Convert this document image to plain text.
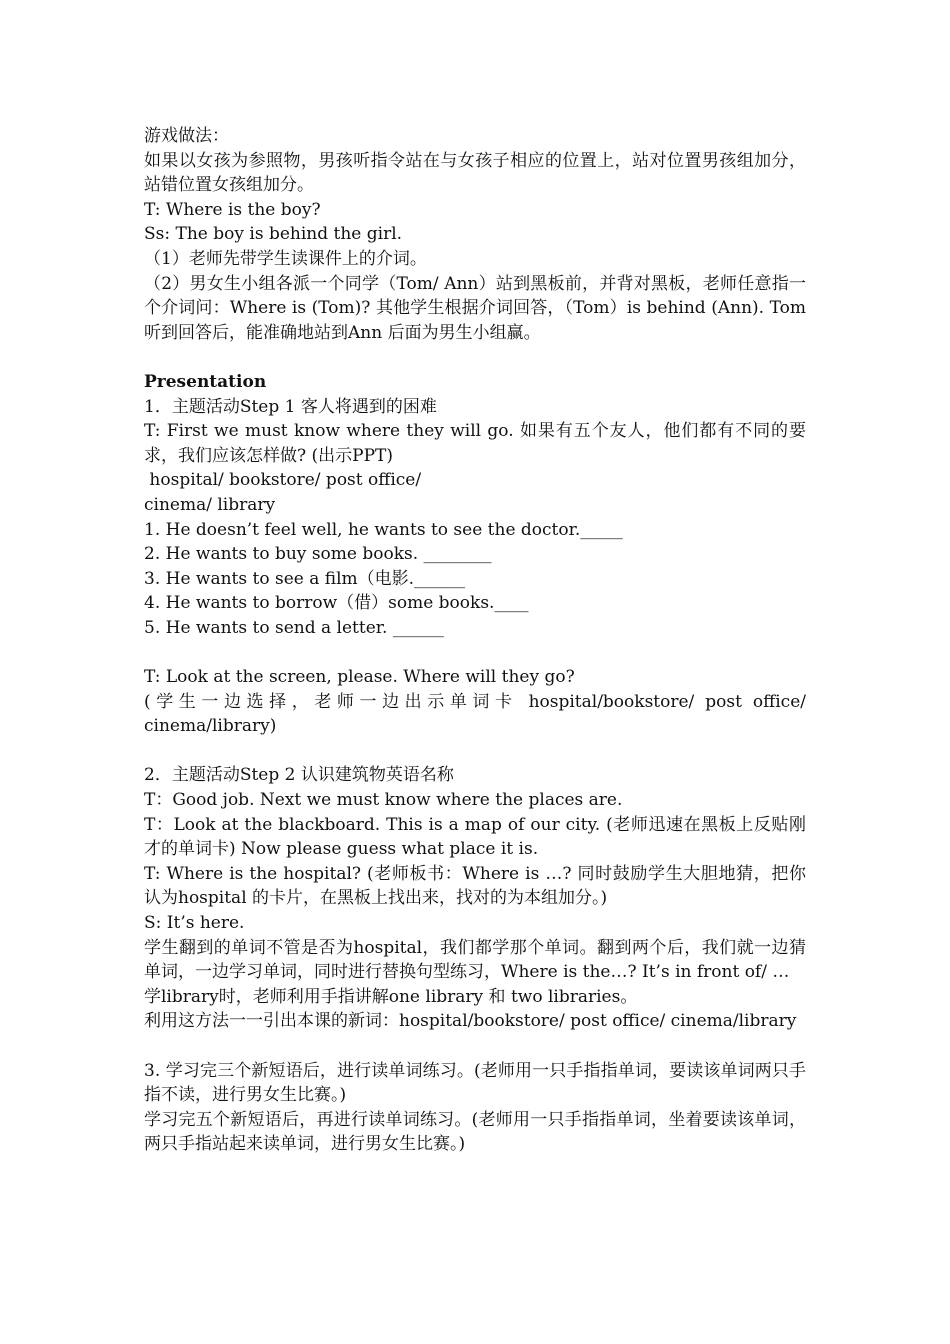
游戏做法：

如果以女孩为参照物，男孩听指令站在与女孩子相应的位置上，站对位置男孩组加分，站错位置女孩组加分。

T: Where is the boy?

Ss: The boy is behind the girl.

（1）老师先带学生读课件上的介词。

（2）男女生小组各派一个同学（Tom/ Ann）站到黑板前，并背对黑板，老师任意指一个介词问：Where is (Tom)? 其他学生根据介词回答，（Tom）is behind (Ann). Tom 听到回答后，能准确地站到Ann 后面为男生小组赢。

Presentation

1．主题活动Step 1 客人将遇到的困难

T: First we must know where they will go. 如果有五个友人，他们都有不同的要求，我们应该怎样做? (出示PPT)

hospital/ bookstore/ post office/

cinema/ library

1. He doesn’t feel well, he wants to see the doctor._____

2. He wants to buy some books. ________

3. He wants to see a film（电影.______

4. He wants to borrow（借）some books.____

5. He wants to send a letter. ______

T: Look at the screen, please. Where will they go?

(学生一边选择，老师一边出示单词卡 hospital/bookstore/ post office/ cinema/library)

2．主题活动Step 2 认识建筑物英语名称

T：Good job. Next we must know where the places are.

T：Look at the blackboard. This is a map of our city. (老师迅速在黑板上反贴刚才的单词卡) Now please guess what place it is.

T: Where is the hospital? (老师板书：Where is …? 同时鼓励学生大胆地猜，把你认为hospital 的卡片，在黑板上找出来，找对的为本组加分。)

S: It’s here.

学生翻到的单词不管是否为hospital，我们都学那个单词。翻到两个后，我们就一边猜单词，一边学习单词，同时进行替换句型练习，Where is the…? It’s in front of/ …

学library时，老师利用手指讲解one library 和 two libraries。

利用这方法一一引出本课的新词：hospital/bookstore/ post office/ cinema/library

3. 学习完三个新短语后，进行读单词练习。(老师用一只手指指单词，要读该单词两只手指不读，进行男女生比赛。)

学习完五个新短语后，再进行读单词练习。(老师用一只手指指单词，坐着要读该单词，两只手指站起来读单词，进行男女生比赛。)
